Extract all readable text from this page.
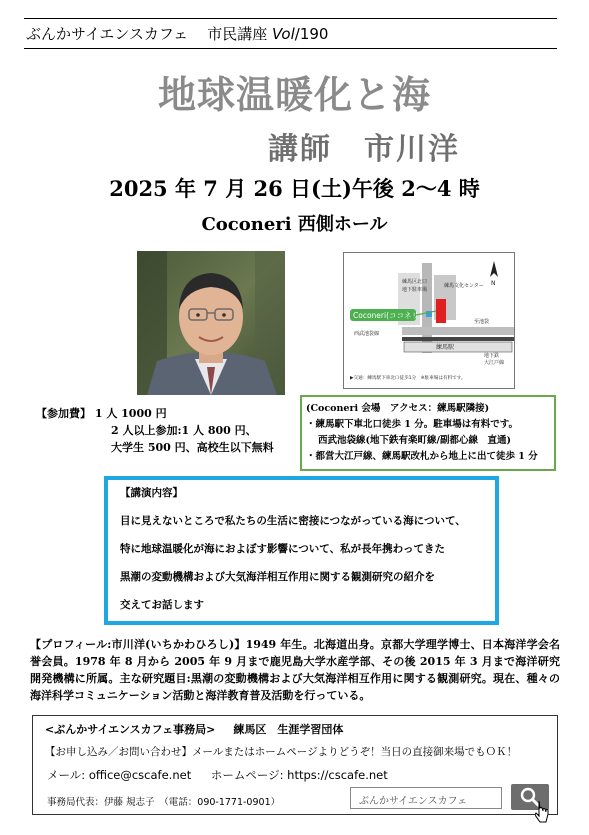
ぶんかサイエンスカフェ 市民講座 Vol/190
地球温暖化と海
講師　市川洋
2025 年 7 月 26 日(土)午後 2～4 時
Coconeri 西側ホール
Coconeri(ココネリ)
練馬区北口
地下駐車場
練馬文化センター
西武池袋線
練馬駅
至池袋
地下鉄
大江戸線
N
▶交通：練馬駅下車北口徒歩1分　※駐車場は有料です。
【参加費】 1 人 1000 円
2 人以上参加:1 人 800 円、
大学生 500 円、高校生以下無料
(Coconeri 会場　アクセス：練馬駅隣接)
・練馬駅下車北口徒歩 1 分。駐車場は有料です。
西武池袋線(地下鉄有楽町線/副都心線　直通)
・都営大江戸線、練馬駅改札から地上に出て徒歩 1 分
【講演内容】
目に見えないところで私たちの生活に密接につながっている海について、
特に地球温暖化が海におよぼす影響について、私が長年携わってきた
黒潮の変動機構および大気海洋相互作用に関する観測研究の紹介を
交えてお話します
【プロフィール:市川洋(いちかわひろし)】1949 年生。北海道出身。京都大学理学博士、日本海洋学会名誉会員。1978 年 8 月から 2005 年 9 月まで鹿児島大学水産学部、その後 2015 年 3 月まで海洋研究開発機構に所属。主な研究題目:黒潮の変動機構および大気海洋相互作用に関する観測研究。現在、種々の海洋科学コミュニケーション活動と海洋教育普及活動を行っている。
<ぶんかサイエンスカフェ事務局> 練馬区　生涯学習団体
【お申し込み／お問い合わせ】メールまたはホームページよりどうぞ！当日の直接御来場でもＯＫ！
メール: office@cscafe.net ホームページ: https://cscafe.net
事務局代表：伊藤 規志子　（電話：090-1771-0901）	ぶんかサイエンスカフェ
